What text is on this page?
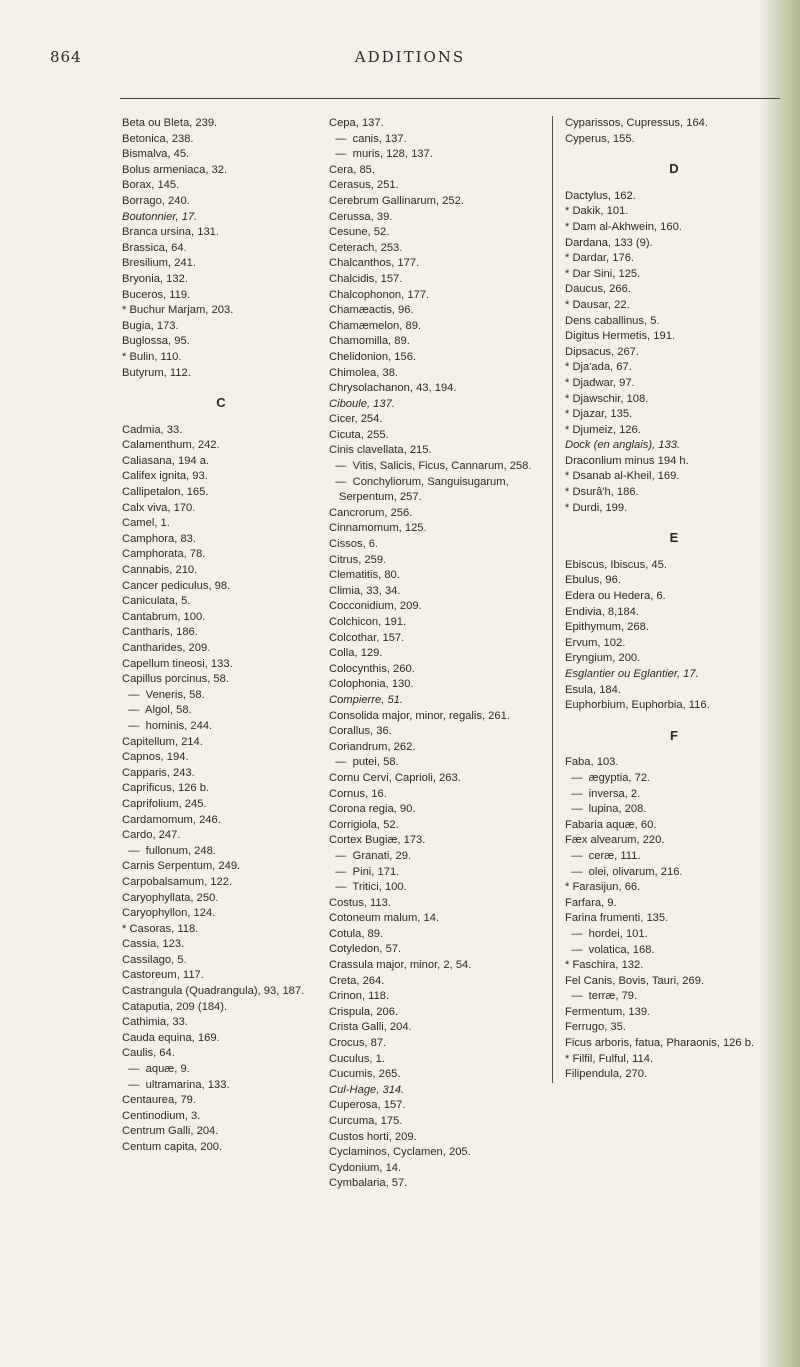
864	ADDITIONS
Beta ou Bleta, 239.
Betonica, 238.
Bismalva, 45.
Bolus armeniaca, 32.
Borax, 145.
Borrago, 240.
Boutonnier, 17.
Branca ursina, 131.
Brassica, 64.
Bresilium, 241.
Bryonia, 132.
Buceros, 119.
* Buchur Marjam, 203.
Bugia, 173.
Buglossa, 95.
* Bulin, 110.
Butyrum, 112.
C
Cadmia, 33.
Calamenthum, 242.
Caliasana, 194 a.
Califex ignita, 93.
Callipetalon, 165.
Calx viva, 170.
Camel, 1.
Camphora, 83.
Camphorata, 78.
Cannabis, 210.
Cancer pediculus, 98.
Caniculata, 5.
Cantabrum, 100.
Cantharis, 186.
Cantharides, 209.
Capellum tineosi, 133.
Capillus porcinus, 58.
—  Veneris, 58.
—  Algol, 58.
—  hominis, 244.
Capitellum, 214.
Capnos, 194.
Capparis, 243.
Caprificus, 126 b.
Caprifolium, 245.
Cardamomum, 246.
Cardo, 247.
—  fullonum, 248.
Carnis Serpentum, 249.
Carpobalsamum, 122.
Caryophyllata, 250.
Caryophyllon, 124.
* Casoras, 118.
Cassia, 123.
Cassilago, 5.
Castoreum, 117.
Castrangula (Quadrangula), 93, 187.
Cataputia, 209 (184).
Cathimia, 33.
Cauda equina, 169.
Caulis, 64.
—  aquæ, 9.
—  ultramarina, 133.
Centaurea, 79.
Centinodium, 3.
Centrum Galli, 204.
Centum capita, 200.
Cepa, 137.
—  canis, 137.
—  muris, 128, 137.
Cera, 85.
Cerasus, 251.
Cerebrum Gallinarum, 252.
Cerussa, 39.
Cesune, 52.
Ceterach, 253.
Chalcanthos, 177.
Chalcidis, 157.
Chalcophonon, 177.
Chamæactis, 96.
Chamæmelon, 89.
Chamomilla, 89.
Chelidonion, 156.
Chimolea, 38.
Chrysolachanon, 43, 194.
Ciboule, 137.
Cicer, 254.
Cicuta, 255.
Cinis clavellata, 215.
—  Vitis, Salicis, Ficus, Cannarum, 258.
—  Conchyliorum, Sanguisugarum, Serpentum, 257.
Cancrorum, 256.
Cinnamomum, 125.
Cissos, 6.
Citrus, 259.
Clematitis, 80.
Climia, 33, 34.
Cocconidium, 209.
Colchicon, 191.
Colcothar, 157.
Colla, 129.
Colocynthis, 260.
Colophonia, 130.
Compierre, 51.
Consolida major, minor, regalis, 261.
Corallus, 36.
Coriandrum, 262.
—  putei, 58.
Cornu Cervi, Caprioli, 263.
Cornus, 16.
Corona regia, 90.
Corrigiola, 52.
Cortex Bugiæ, 173.
—  Granati, 29.
—  Pini, 171.
—  Tritici, 100.
Costus, 113.
Cotoneum malum, 14.
Cotula, 89.
Cotyledon, 57.
Crassula major, minor, 2, 54.
Creta, 264.
Crinon, 118.
Crispula, 206.
Crista Galli, 204.
Crocus, 87.
Cuculus, 1.
Cucumis, 265.
Cul-Hage, 314.
Cuperosa, 157.
Curcuma, 175.
Custos horti, 209.
Cyclaminos, Cyclamen, 205.
Cydonium, 14.
Cymbalaria, 57.
Cyparissos, Cupressus, 164.
Cyperus, 155.
D
Dactylus, 162.
* Dakik, 101.
* Dam al-Akhwein, 160.
Dardana, 133 (9).
* Dardar, 176.
* Dar Sini, 125.
Daucus, 266.
* Dausar, 22.
Dens caballinus, 5.
Digitus Hermetis, 191.
Dipsacus, 267.
* Dja'ada, 67.
* Djadwar, 97.
* Djawschir, 108.
* Djazar, 135.
* Djumeiz, 126.
Dock (en anglais), 133.
Draconlium minus 194 h.
* Dsanab al-Kheil, 169.
* Dsurâ'h, 186.
* Durdi, 199.
E
Ebiscus, Ibiscus, 45.
Ebulus, 96.
Edera ou Hedera, 6.
Endivia, 8,184.
Epithymum, 268.
Ervum, 102.
Eryngium, 200.
Esglantier ou Eglantier, 17.
Esula, 184.
Euphorbium, Euphorbia, 116.
F
Faba, 103.
—  ægyptia, 72.
—  inversa, 2.
—  lupina, 208.
Fabaria aquæ, 60.
Fæx alvearum, 220.
—  ceræ, 111.
—  olei, olivarum, 216.
* Farasijun, 66.
Farfara, 9.
Farina frumenti, 135.
—  hordei, 101.
—  volatica, 168.
* Faschira, 132.
Fel Canis, Bovis, Tauri, 269.
—  terræ, 79.
Fermentum, 139.
Ferrugo, 35.
Ficus arboris, fatua, Pharaonis, 126 b.
* Filfil, Fulful, 114.
Filipendula, 270.
